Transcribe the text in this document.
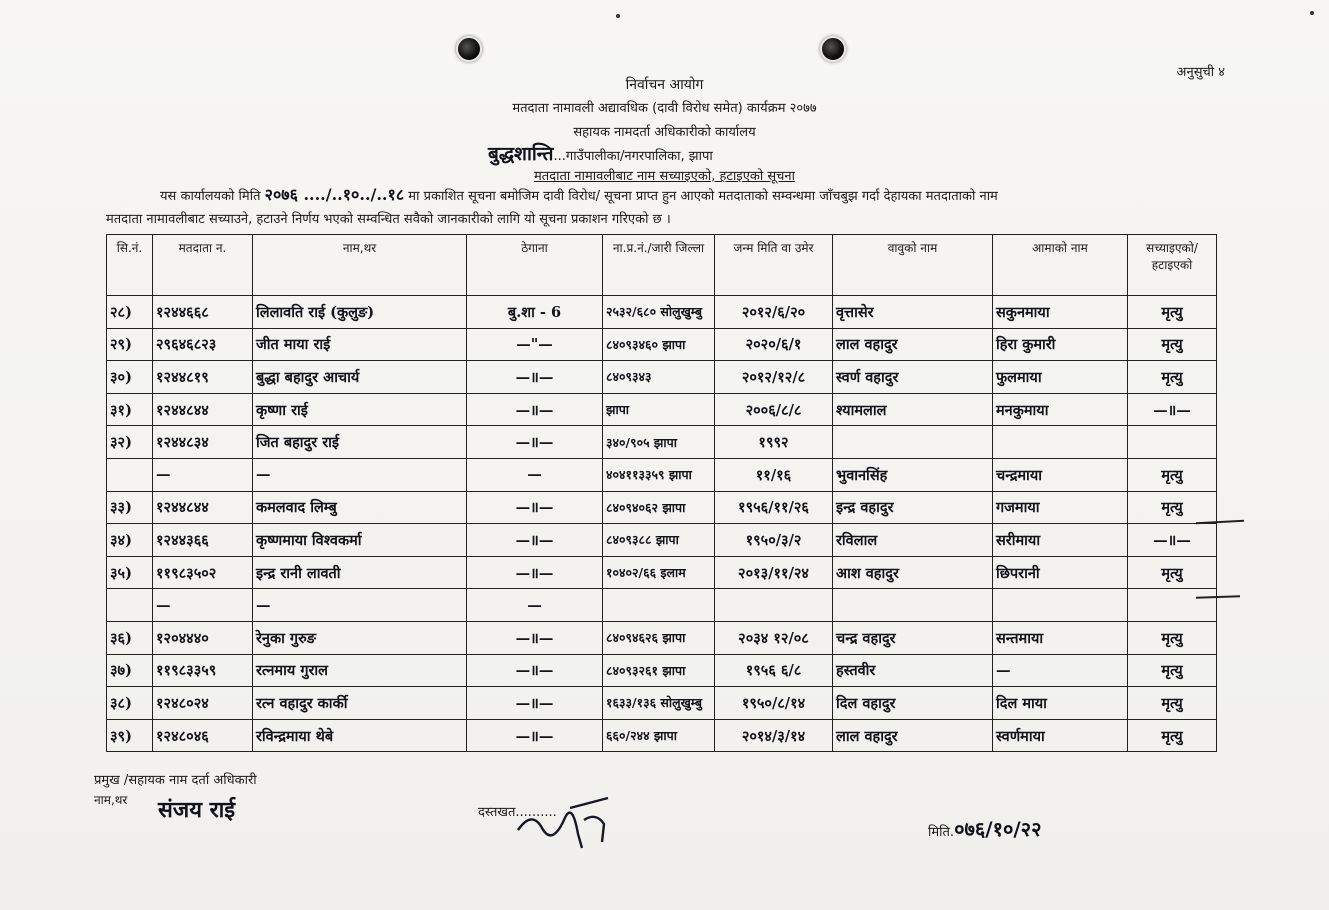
अनुसुची ४
निर्वाचन आयोग
मतदाता नामावली अद्यावधिक (दावी विरोध समेत) कार्यक्रम २०७७
सहायक नामदर्ता अधिकारीको कार्यालय
बुद्धशान्ति...गाउँपालीका/नगरपालिका, झापा
मतदाता नामावलीबाट नाम सच्याइएको, हटाइएको सूचना
यस कार्यालयको मिति २०७६ ..../..१०../..१८ मा प्रकाशित सूचना बमोजिम दावी विरोध/ सूचना प्राप्त हुन आएको मतदाताको सम्वन्धमा जाँचबुझ गर्दा देहायका मतदाताको नाम
मतदाता नामावलीबाट सच्याउने, हटाउने निर्णय भएको सम्वन्धित सवैको जानकारीको लागि यो सूचना प्रकाशन गरिएको छ ।
सि.नं.	मतदाता न.	नाम,थर	ठेगाना	ना.प्र.नं./जारी जिल्ला	जन्म मिति वा उमेर	वावुको नाम	आमाको नाम	सच्याइएको/ हटाइएको
२८)	१२४४६६८	लिलावति राई (कुलुङ)	बु.शा - 6	२५३२/६८० सोलुखुम्बु	२०१२/६/२०	वृत्तासेर	सकुनमाया	मृत्यु
२९)	२९६४६८२३	जीत माया राई	—"—	८४०९३४६० झापा	२०२०/६/१	लाल वहादुर	हिरा कुमारी	मृत्यु
३०)	१२४४८१९	बुद्धा बहादुर आचार्य	—॥—	८४०९३४३	२०१२/१२/८	स्वर्ण वहादुर	फुलमाया	मृत्यु
३१)	१२४४८४४	कृष्णा राई	—॥—	झापा	२००६/८/८	श्यामलाल	मनकुमाया	—॥—
३२)	१२४४८३४	जित बहादुर राई	—॥—	३४०/९०५ झापा	१९९२			
	—	—	—	४०४११३३५९ झापा	११/१६	भुवानसिंह	चन्द्रमाया	मृत्यु
३३)	१२४४८४४	कमलवाद लिम्बु	—॥—	८४०९४०६२ झापा	१९५६/११/२६	इन्द्र वहादुर	गजमाया	मृत्यु
३४)	१२४४३६६	कृष्णमाया विश्वकर्मा	—॥—	८४०९३८८ झापा	१९५०/३/२	रविलाल	सरीमाया	—॥—
३५)	११९८३५०२	इन्द्र रानी लावती	—॥—	१०४०२/६६ इलाम	२०१३/११/२४	आश वहादुर	छिपरानी	मृत्यु
	—	—	—					
३६)	१२०४४४०	रेनुका गुरुङ	—॥—	८४०९४६२६ झापा	२०३४ १२/०८	चन्द्र वहादुर	सन्तमाया	मृत्यु
३७)	११९८३३५९	रत्नमाय गुराल	—॥—	८४०९३२६१ झापा	१९५६ ६/८	हस्तवीर	—	मृत्यु
३८)	१२४८०२४	रत्न वहादुर कार्की	—॥—	१६३३/१३६ सोलुखुम्बु	१९५०/८/१४	दिल वहादुर	दिल माया	मृत्यु
३९)	१२४८०४६	रविन्द्रमाया थेबे	—॥—	६६०/२४४ झापा	२०१४/३/१४	लाल वहादुर	स्वर्णमाया	मृत्यु
प्रमुख /सहायक नाम दर्ता अधिकारी
नाम,थर संजय राई	दस्तखत..........
मिति.०७६/१०/२२
